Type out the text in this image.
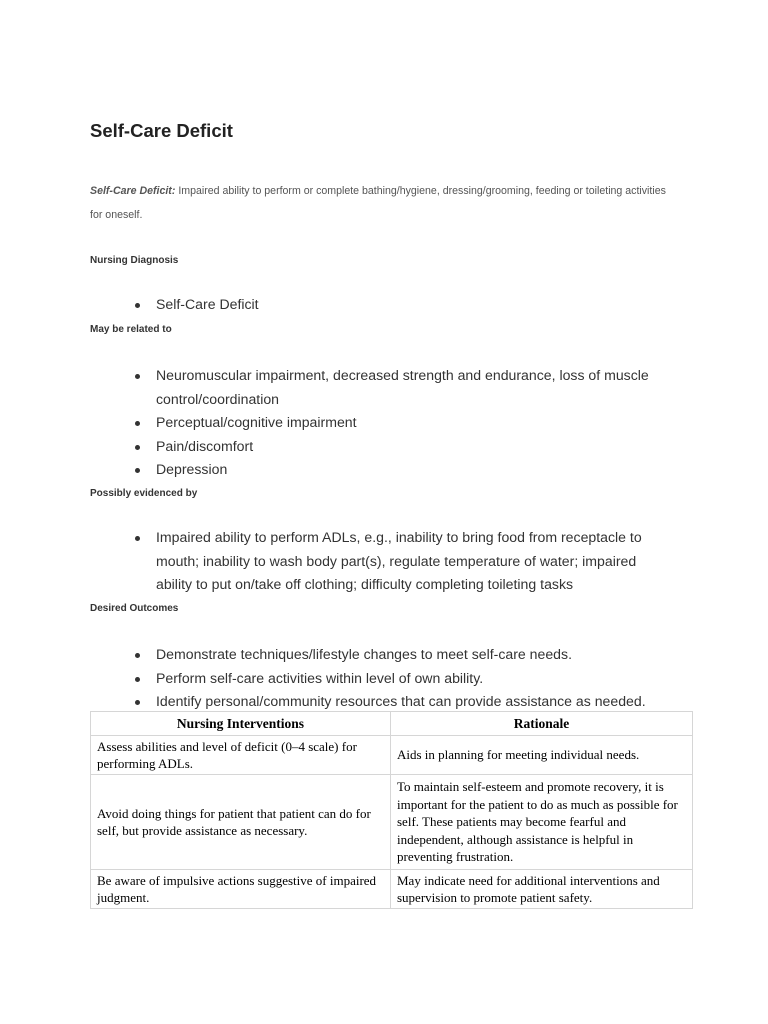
Self-Care Deficit

Self-Care Deficit: Impaired ability to perform or complete bathing/hygiene, dressing/grooming, feeding or toileting activities for oneself.

Nursing Diagnosis
Self-Care Deficit
May be related to
Neuromuscular impairment, decreased strength and endurance, loss of muscle control/coordination
Perceptual/cognitive impairment
Pain/discomfort
Depression
Possibly evidenced by
Impaired ability to perform ADLs, e.g., inability to bring food from receptacle to mouth; inability to wash body part(s), regulate temperature of water; impaired ability to put on/take off clothing; difficulty completing toileting tasks
Desired Outcomes
Demonstrate techniques/lifestyle changes to meet self-care needs.
Perform self-care activities within level of own ability.
Identify personal/community resources that can provide assistance as needed.
Nursing Interventions	Rationale
Assess abilities and level of deficit (0–4 scale) for performing ADLs.	Aids in planning for meeting individual needs.
Avoid doing things for patient that patient can do for self, but provide assistance as necessary.	To maintain self-esteem and promote recovery, it is important for the patient to do as much as possible for self. These patients may become fearful and independent, although assistance is helpful in preventing frustration.
Be aware of impulsive actions suggestive of impaired judgment.	May indicate need for additional interventions and supervision to promote patient safety.
